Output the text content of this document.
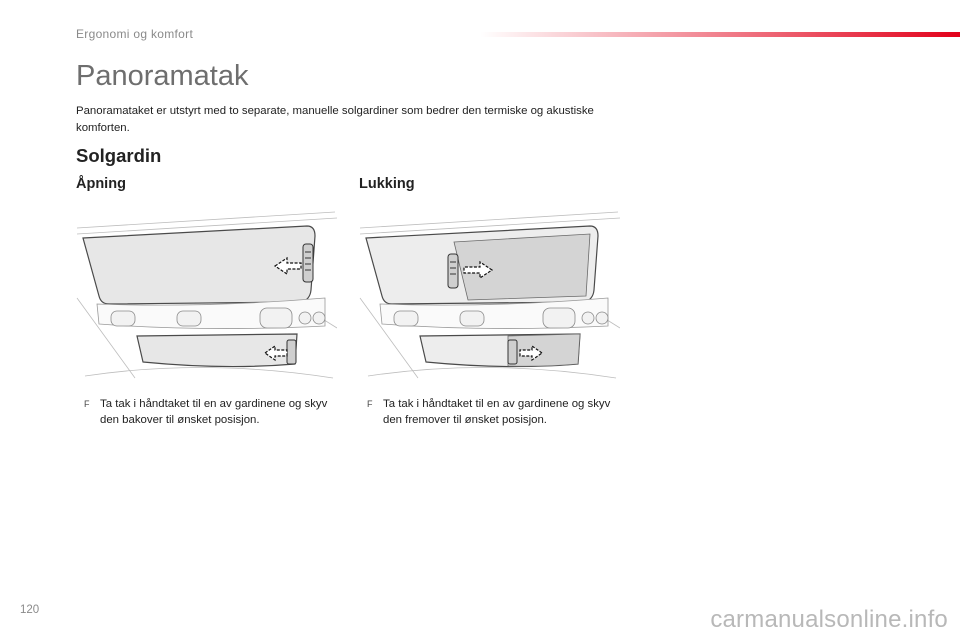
Ergonomi og komfort
Panoramatak

Panoramataket er utstyrt med to separate, manuelle solgardiner som bedrer den termiske og akustiske komforten.

Solgardin
Åpning	Lukking
F Ta tak i håndtaket til en av gardinene og skyv den bakover til ønsket posisjon.
F Ta tak i håndtaket til en av gardinene og skyv den fremover til ønsket posisjon.
120	carmanualsonline.info
